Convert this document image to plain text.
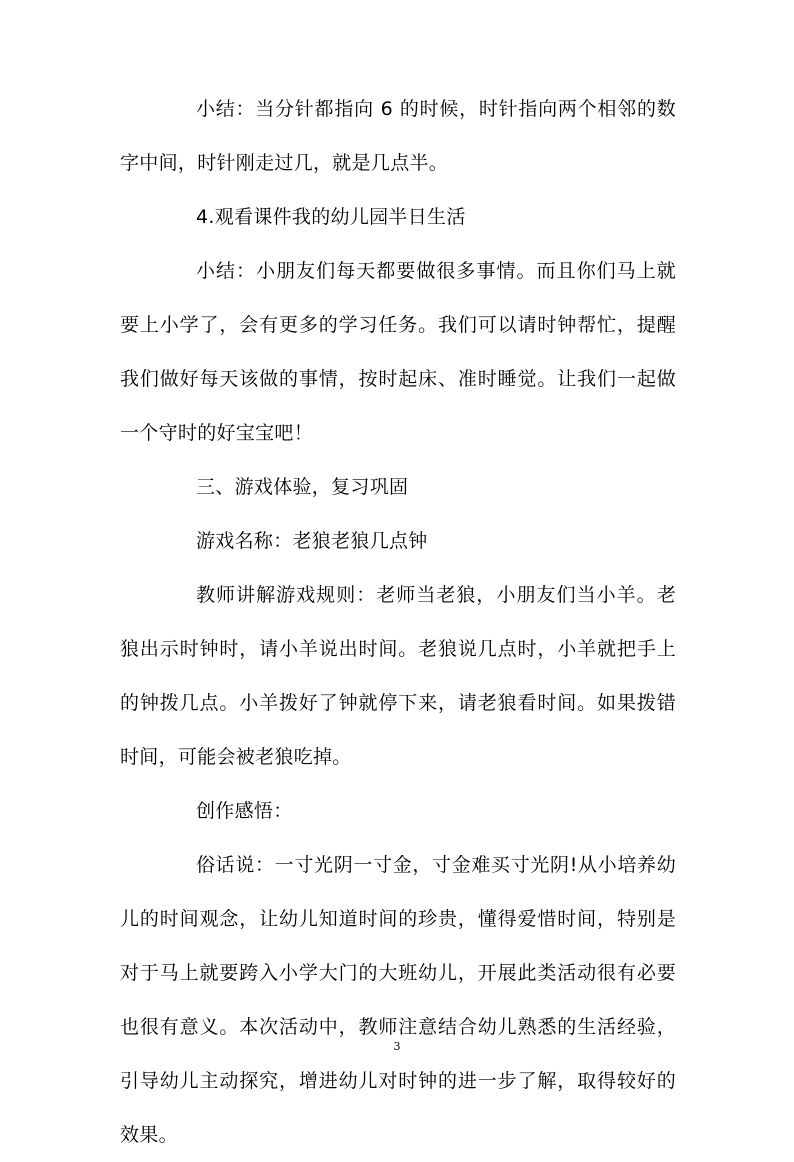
小结：当分针都指向 6 的时候，时针指向两个相邻的数字中间，时针刚走过几，就是几点半。

4.观看课件我的幼儿园半日生活

小结：小朋友们每天都要做很多事情。而且你们马上就要上小学了，会有更多的学习任务。我们可以请时钟帮忙，提醒我们做好每天该做的事情，按时起床、准时睡觉。让我们一起做一个守时的好宝宝吧！

三、游戏体验，复习巩固

游戏名称：老狼老狼几点钟

教师讲解游戏规则：老师当老狼，小朋友们当小羊。老狼出示时钟时，请小羊说出时间。老狼说几点时，小羊就把手上的钟拨几点。小羊拨好了钟就停下来，请老狼看时间。如果拨错时间，可能会被老狼吃掉。

创作感悟：

俗话说：一寸光阴一寸金，寸金难买寸光阴!从小培养幼儿的时间观念，让幼儿知道时间的珍贵，懂得爱惜时间，特别是对于马上就要跨入小学大门的大班幼儿，开展此类活动很有必要也很有意义。本次活动中，教师注意结合幼儿熟悉的生活经验，引导幼儿主动探究，增进幼儿对时钟的进一步了解，取得较好的效果。

3
